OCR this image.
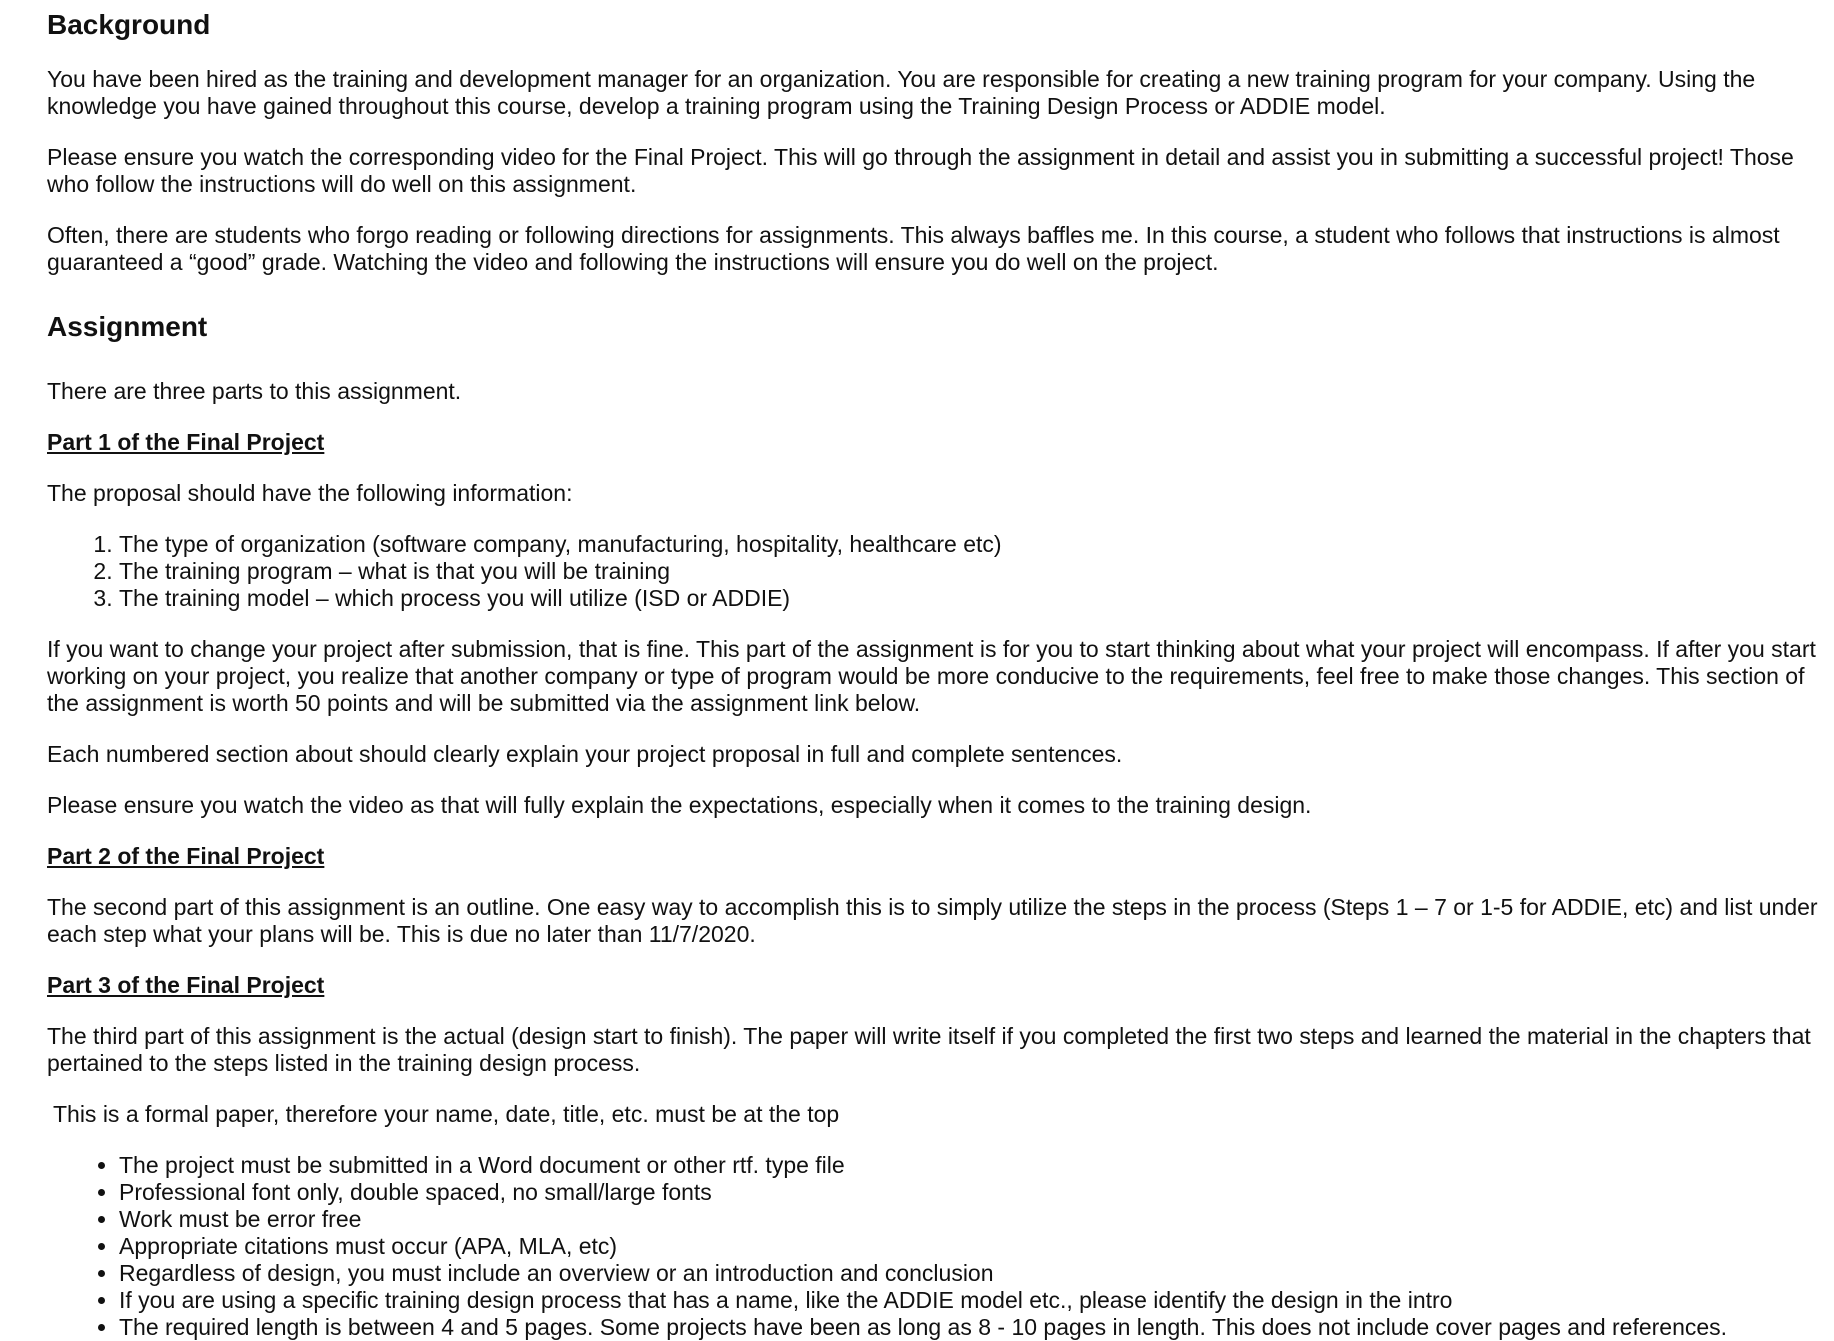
Background

You have been hired as the training and development manager for an organization. You are responsible for creating a new training program for your company. Using the knowledge you have gained throughout this course, develop a training program using the Training Design Process or ADDIE model.

Please ensure you watch the corresponding video for the Final Project. This will go through the assignment in detail and assist you in submitting a successful project! Those who follow the instructions will do well on this assignment.

Often, there are students who forgo reading or following directions for assignments. This always baffles me. In this course, a student who follows that instructions is almost guaranteed a “good” grade. Watching the video and following the instructions will ensure you do well on the project.

Assignment

There are three parts to this assignment.

Part 1 of the Final Project

The proposal should have the following information:

1. The type of organization (software company, manufacturing, hospitality, healthcare etc)
2. The training program – what is that you will be training
3. The training model – which process you will utilize (ISD or ADDIE)

If you want to change your project after submission, that is fine. This part of the assignment is for you to start thinking about what your project will encompass. If after you start working on your project, you realize that another company or type of program would be more conducive to the requirements, feel free to make those changes. This section of the assignment is worth 50 points and will be submitted via the assignment link below.

Each numbered section about should clearly explain your project proposal in full and complete sentences.

Please ensure you watch the video as that will fully explain the expectations, especially when it comes to the training design.

Part 2 of the Final Project

The second part of this assignment is an outline. One easy way to accomplish this is to simply utilize the steps in the process (Steps 1 – 7 or 1-5 for ADDIE, etc) and list under each step what your plans will be. This is due no later than 11/7/2020.

Part 3 of the Final Project

The third part of this assignment is the actual (design start to finish). The paper will write itself if you completed the first two steps and learned the material in the chapters that pertained to the steps listed in the training design process.

This is a formal paper, therefore your name, date, title, etc. must be at the top

• The project must be submitted in a Word document or other rtf. type file
• Professional font only, double spaced, no small/large fonts
• Work must be error free
• Appropriate citations must occur (APA, MLA, etc)
• Regardless of design, you must include an overview or an introduction and conclusion
• If you are using a specific training design process that has a name, like the ADDIE model etc., please identify the design in the intro
• The required length is between 4 and 5 pages. Some projects have been as long as 8 - 10 pages in length. This does not include cover pages and references.
